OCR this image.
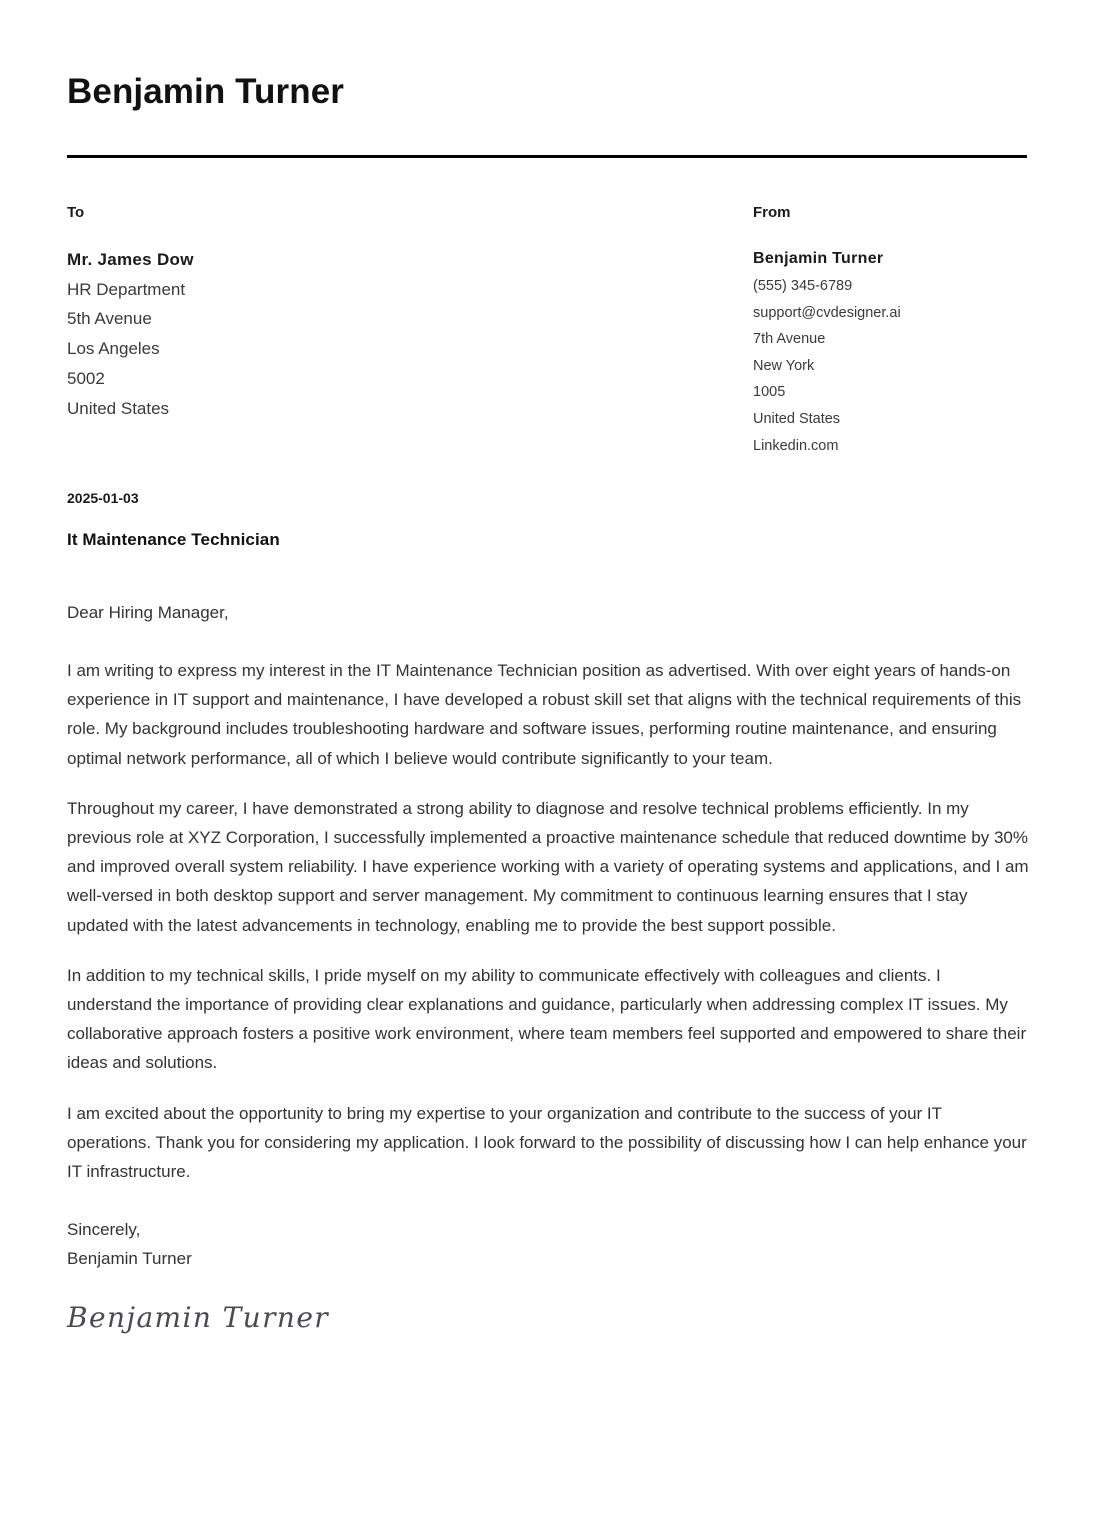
Benjamin Turner
To
Mr. James Dow
HR Department
5th Avenue
Los Angeles
5002
United States
From
Benjamin Turner
(555) 345-6789
support@cvdesigner.ai
7th Avenue
New York
1005
United States
Linkedin.com
2025-01-03
It Maintenance Technician

Dear Hiring Manager,

I am writing to express my interest in the IT Maintenance Technician position as advertised. With over eight years of hands-on experience in IT support and maintenance, I have developed a robust skill set that aligns with the technical requirements of this role. My background includes troubleshooting hardware and software issues, performing routine maintenance, and ensuring optimal network performance, all of which I believe would contribute significantly to your team.

Throughout my career, I have demonstrated a strong ability to diagnose and resolve technical problems efficiently. In my previous role at XYZ Corporation, I successfully implemented a proactive maintenance schedule that reduced downtime by 30% and improved overall system reliability. I have experience working with a variety of operating systems and applications, and I am well-versed in both desktop support and server management. My commitment to continuous learning ensures that I stay updated with the latest advancements in technology, enabling me to provide the best support possible.

In addition to my technical skills, I pride myself on my ability to communicate effectively with colleagues and clients. I understand the importance of providing clear explanations and guidance, particularly when addressing complex IT issues. My collaborative approach fosters a positive work environment, where team members feel supported and empowered to share their ideas and solutions.

I am excited about the opportunity to bring my expertise to your organization and contribute to the success of your IT operations. Thank you for considering my application. I look forward to the possibility of discussing how I can help enhance your IT infrastructure.

Sincerely,

Benjamin Turner

Benjamin Turner
